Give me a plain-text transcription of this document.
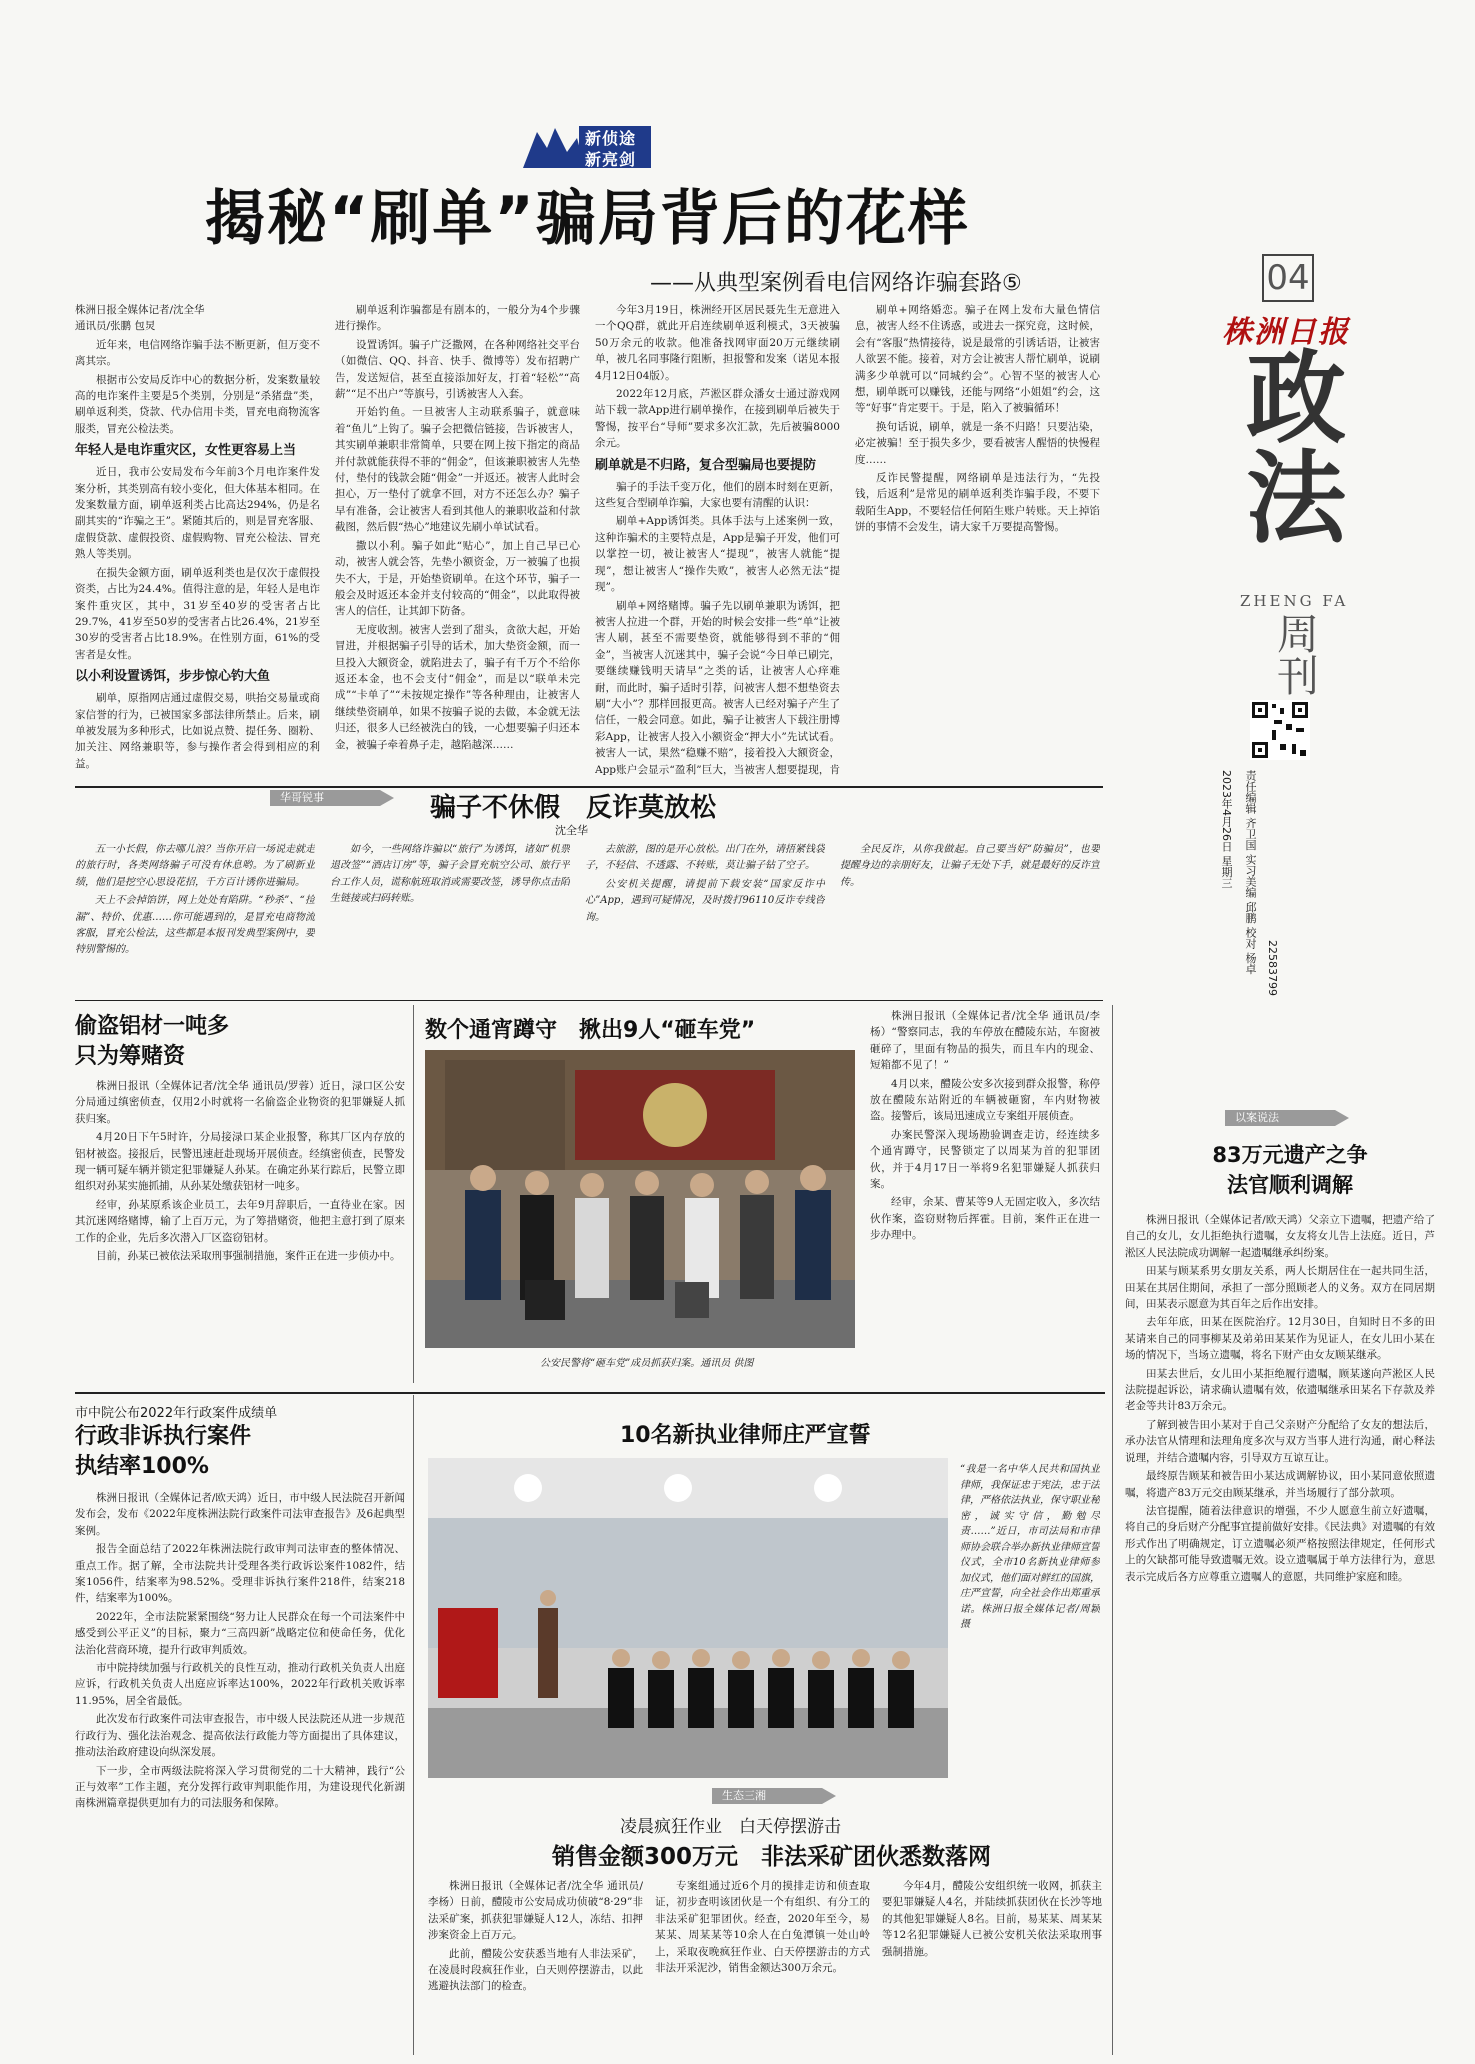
新侦途
新亮剑
揭秘“刷单”骗局背后的花样
——从典型案例看电信网络诈骗套路⑤

株洲日报全媒体记者/沈全华
通讯员/张鹏 包炅

近年来，电信网络诈骗手法不断更新，但万变不离其宗。

根据市公安局反诈中心的数据分析，发案数量较高的电诈案件主要是5个类别，分别是“杀猪盘”类，刷单返利类，贷款、代办信用卡类，冒充电商物流客服类，冒充公检法类。

年轻人是电诈重灾区，女性更容易上当

近日，我市公安局发布今年前3个月电诈案件发案分析，其类别高有较小变化，但大体基本相同。在发案数量方面，刷单返利类占比高达294%，仍是名副其实的“诈骗之王”。紧随其后的，则是冒充客服、虚假贷款、虚假投资、虚假购物、冒充公检法、冒充熟人等类别。

在损失金额方面，刷单返利类也是仅次于虚假投资类，占比为24.4%。值得注意的是，年轻人是电诈案件重灾区，其中，31岁至40岁的受害者占比29.7%，41岁至50岁的受害者占比26.4%，21岁至30岁的受害者占比18.9%。在性别方面，61%的受害者是女性。

以小利设置诱饵，步步惊心钓大鱼

刷单，原指网店通过虚假交易，哄抬交易量或商家信誉的行为，已被国家多部法律所禁止。后来，刷单被发展为多种形式，比如说点赞、提任务、圈粉、加关注、网络兼职等，参与操作者会得到相应的利益。

刷单返利诈骗都是有剧本的，一般分为4个步骤进行操作。

设置诱饵。骗子广泛撒网，在各种网络社交平台（如微信、QQ、抖音、快手、微博等）发布招聘广告，发送短信，甚至直接添加好友，打着“轻松”“高薪”“足不出户”等旗号，引诱被害人入套。

开始钓鱼。一旦被害人主动联系骗子，就意味着“鱼儿”上钩了。骗子会把微信链接，告诉被害人，其实刷单兼职非常简单，只要在网上按下指定的商品并付款就能获得不菲的“佣金”，但该兼职被害人先垫付，垫付的钱款会随“佣金”一并返还。被害人此时会担心，万一垫付了就拿不回，对方不还怎么办？骗子早有准备，会让被害人看到其他人的兼职收益和付款截图，然后假“热心”地建议先刷小单试试看。

撒以小利。骗子如此“贴心”，加上自己早已心动，被害人就会答，先垫小额资金，万一被骗了也损失不大，于是，开始垫资刷单。在这个环节，骗子一般会及时返还本金并支付较高的“佣金”，以此取得被害人的信任，让其卸下防备。

无度收割。被害人尝到了甜头，贪欲大起，开始冒进，并根据骗子引导的话术，加大垫资金额，而一旦投入大额资金，就陷进去了，骗子有千万个不给你返还本金，也不会支付“佣金”，而是以“联单未完成”“卡单了”“未按规定操作”等各种理由，让被害人继续垫资刷单，如果不按骗子说的去做，本金就无法归还，很多人已经被洗白的钱，一心想要骗子归还本金，被骗子牵着鼻子走，越陷越深……

今年3月19日，株洲经开区居民聂先生无意进入一个QQ群，就此开启连续刷单返利模式，3天被骗50万余元的收款。他准备找网审面20万元继续刷单，被几名同事隆行阻断，担报警和发案（诺见本报4月12日04版）。

2022年12月底，芦淞区群众潘女士通过游戏网站下载一款App进行刷单操作，在接到刷单后被失于警惕，按平台“导师”要求多次汇款，先后被骗8000余元。

刷单就是不归路，复合型骗局也要提防

骗子的手法千变万化，他们的剧本时刻在更新，这些复合型刷单诈骗，大家也要有清醒的认识：

刷单+App诱饵类。具体手法与上述案例一致，这种诈骗术的主要特点是，App是骗子开发，他们可以掌控一切，被让被害人“提现”，被害人就能“提现”，想让被害人“操作失败”，被害人必然无法“提现”。

刷单+网络赌博。骗子先以刷单兼职为诱饵，把被害人拉进一个群，开始的时候会安排一些“单”让被害人刷，甚至不需要垫资，就能够得到不菲的“佣金”，当被害人沉迷其中，骗子会说“今日单已刷完，要继续赚钱明天请早”之类的话，让被害人心痒难耐，而此时，骗子适时引荐，问被害人想不想垫资去刷“大小”？那样回报更高。被害人已经对骗子产生了信任，一般会同意。如此，骗子让被害人下载注册博彩App，让被害人投入小额资金“押大小”先试试看。被害人一试，果然“稳赚不赔”，接着投入大额资金，App账户会显示“盈利”巨大，当被害人想要提现，肯

刷单+网络婚恋。骗子在网上发布大量色情信息，被害人经不住诱惑，或进去一探究竟，这时候，会有“客服”热情接待，说是最常的引诱话语，让被害人欲罢不能。接着，对方会让被害人帮忙刷单，说刷满多少单就可以“同城约会”。心智不坚的被害人心想，刷单既可以赚钱，还能与网络“小姐姐”约会，这等“好事”肯定要干。于是，陷入了被骗循环！

换句话说，刷单，就是一条不归路！只要沾染，必定被骗！至于损失多少，要看被害人醒悟的快慢程度……

反诈民警提醒，网络刷单是违法行为，“先投钱，后返利”是常见的刷单返利类诈骗手段，不要下载陌生App，不要轻信任何陌生账户转账。天上掉馅饼的事情不会发生，请大家千万要提高警惕。

04
株洲日报
政法
ZHENG FA
周刊
2023年4月26日 星期三 责任编辑 齐卫国 实习美编 邱鹏 校对 杨卓 22583799
华哥锐事	骗子不休假　反诈莫放松
沈全华

五一小长假，你去哪儿浪？当你开启一场说走就走的旅行时，各类网络骗子可没有休息哟。为了刷新业绩，他们是挖空心思设花招，千方百计诱你进骗局。

天上不会掉馅饼，网上处处有陷阱。“秒杀”、“捡漏”、特价、优惠……你可能遇到的，是冒充电商物流客服，冒充公检法，这些都是本报刊发典型案例中，要特别警惕的。

如今，一些网络诈骗以“旅行”为诱饵，诸如“机票退改签”“酒店订房”等，骗子会冒充航空公司、旅行平台工作人员，谎称航班取消或需要改签，诱导你点击陌生链接或扫码转账。

去旅游，图的是开心放松。出门在外，请捂紧钱袋子，不轻信、不透露、不转账，莫让骗子钻了空子。

公安机关提醒，请提前下载安装“国家反诈中心”App，遇到可疑情况，及时拨打96110反诈专线咨询。

全民反诈，从你我做起。自己要当好“防骗员”，也要提醒身边的亲朋好友，让骗子无处下手，就是最好的反诈宣传。

偷盗铝材一吨多
只为筹赌资

株洲日报讯（全媒体记者/沈全华 通讯员/罗蓉）近日，渌口区公安分局通过缜密侦查，仅用2小时就将一名偷盗企业物资的犯罪嫌疑人抓获归案。

4月20日下午5时许，分局接渌口某企业报警，称其厂区内存放的铝材被盗。接报后，民警迅速赶赴现场开展侦查。经缜密侦查，民警发现一辆可疑车辆并锁定犯罪嫌疑人孙某。在确定孙某行踪后，民警立即组织对孙某实施抓捕，从孙某处缴获铝材一吨多。

经审，孙某原系该企业员工，去年9月辞职后，一直待业在家。因其沉迷网络赌博，输了上百万元，为了筹措赌资，他把主意打到了原来工作的企业，先后多次潜入厂区盗窃铝材。

目前，孙某已被依法采取刑事强制措施，案件正在进一步侦办中。

数个通宵蹲守　揪出9人“砸车党”
公安民警将“砸车党”成员抓获归案。通讯员 供图

株洲日报讯（全媒体记者/沈全华 通讯员/李杨）“警察同志，我的车停放在醴陵东站，车窗被砸碎了，里面有物品的损失，而且车内的现金、短箱都不见了！”

4月以来，醴陵公安多次接到群众报警，称停放在醴陵东站附近的车辆被砸窗，车内财物被盗。接警后，该局迅速成立专案组开展侦查。

办案民警深入现场勘验调查走访，经连续多个通宵蹲守，民警锁定了以周某为首的犯罪团伙，并于4月17日一举将9名犯罪嫌疑人抓获归案。

经审，余某、曹某等9人无固定收入，多次结伙作案，盗窃财物后挥霍。目前，案件正在进一步办理中。

以案说法
83万元遗产之争
法官顺利调解

株洲日报讯（全媒体记者/欧天鸿）父亲立下遗嘱，把遗产给了自己的女儿，女儿拒绝执行遗嘱，女友将女儿告上法庭。近日，芦淞区人民法院成功调解一起遗嘱继承纠纷案。

田某与顾某系男女朋友关系，两人长期居住在一起共同生活，田某在其居住期间，承担了一部分照顾老人的义务。双方在同居期间，田某表示愿意为其百年之后作出安排。

去年年底，田某在医院治疗。12月30日，自知时日不多的田某请来自己的同事柳某及弟弟田某某作为见证人，在女儿田小某在场的情况下，当场立遗嘱，将名下财产由女友顾某继承。

田某去世后，女儿田小某拒绝履行遗嘱，顾某遂向芦淞区人民法院提起诉讼，请求确认遗嘱有效，依遗嘱继承田某名下存款及养老金等共计83万余元。

了解到被告田小某对于自己父亲财产分配给了女友的想法后，承办法官从情理和法理角度多次与双方当事人进行沟通，耐心释法说理，并结合遗嘱内容，引导双方互谅互让。

最终原告顾某和被告田小某达成调解协议，田小某同意依照遗嘱，将遗产83万元交由顾某继承，并当场履行了部分款项。

法官提醒，随着法律意识的增强，不少人愿意生前立好遗嘱，将自己的身后财产分配事宜提前做好安排。《民法典》对遗嘱的有效形式作出了明确规定，订立遗嘱必须严格按照法律规定，任何形式上的欠缺都可能导致遗嘱无效。设立遗嘱属于单方法律行为，意思表示完成后各方应尊重立遗嘱人的意愿，共同维护家庭和睦。

市中院公布2022年行政案件成绩单
行政非诉执行案件
执结率100%

株洲日报讯（全媒体记者/欧天鸿）近日，市中级人民法院召开新闻发布会，发布《2022年度株洲法院行政案件司法审查报告》及6起典型案例。

报告全面总结了2022年株洲法院行政审判司法审查的整体情况、重点工作。据了解，全市法院共计受理各类行政诉讼案件1082件，结案1056件，结案率为98.52%。受理非诉执行案件218件，结案218件，结案率为100%。

2022年，全市法院紧紧围绕“努力让人民群众在每一个司法案件中感受到公平正义”的目标，聚力“三高四新”战略定位和使命任务，优化法治化营商环境，提升行政审判质效。

市中院持续加强与行政机关的良性互动，推动行政机关负责人出庭应诉，行政机关负责人出庭应诉率达100%，2022年行政机关败诉率11.95%，居全省最低。

此次发布行政案件司法审查报告，市中级人民法院还从进一步规范行政行为、强化法治观念、提高依法行政能力等方面提出了具体建议，推动法治政府建设向纵深发展。

下一步，全市两级法院将深入学习贯彻党的二十大精神，践行“公正与效率”工作主题，充分发挥行政审判职能作用，为建设现代化新湖南株洲篇章提供更加有力的司法服务和保障。

10名新执业律师庄严宣誓
“我是一名中华人民共和国执业律师，我保证忠于宪法，忠于法律，严格依法执业，保守职业秘密，诚实守信，勤勉尽责……”近日，市司法局和市律师协会联合举办新执业律师宣誓仪式，全市10名新执业律师参加仪式，他们面对鲜红的国旗，庄严宣誓，向全社会作出郑重承诺。株洲日报全媒体记者/周颖 摄
生态三湘
凌晨疯狂作业　白天停摆游击
销售金额300万元　非法采矿团伙悉数落网

株洲日报讯（全媒体记者/沈全华 通讯员/李杨）日前，醴陵市公安局成功侦破“8·29”非法采矿案，抓获犯罪嫌疑人12人，冻结、扣押涉案资金上百万元。

此前，醴陵公安获悉当地有人非法采矿，在凌晨时段疯狂作业，白天则停摆游击，以此逃避执法部门的检查。

专案组通过近6个月的摸排走访和侦查取证，初步查明该团伙是一个有组织、有分工的非法采矿犯罪团伙。经查，2020年至今，易某某、周某某等10余人在白兔潭镇一处山岭上，采取夜晚疯狂作业、白天停摆游击的方式非法开采泥沙，销售金额达300万余元。

今年4月，醴陵公安组织统一收网，抓获主要犯罪嫌疑人4名，并陆续抓获团伙在长沙等地的其他犯罪嫌疑人8名。目前，易某某、周某某等12名犯罪嫌疑人已被公安机关依法采取刑事强制措施。
